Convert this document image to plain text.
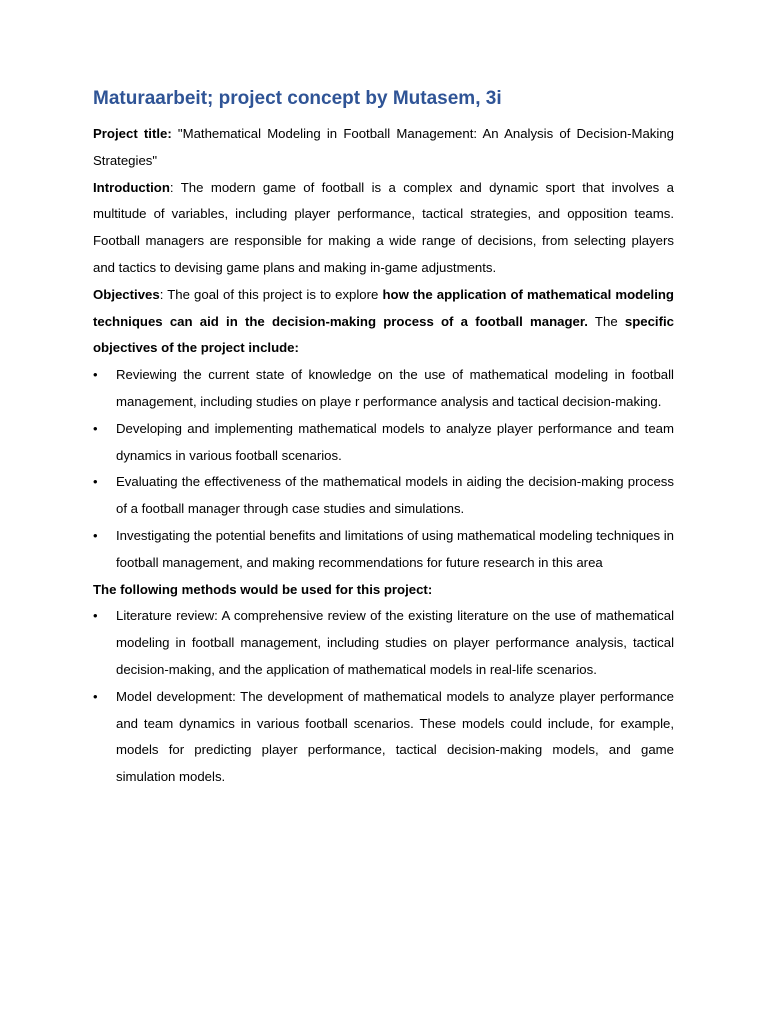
Maturaarbeit; project concept by Mutasem, 3i

Project title: "Mathematical Modeling in Football Management: An Analysis of Decision-Making Strategies"

Introduction: The modern game of football is a complex and dynamic sport that involves a multitude of variables, including player performance, tactical strategies, and opposition teams. Football managers are responsible for making a wide range of decisions, from selecting players and tactics to devising game plans and making in-game adjustments.

Objectives: The goal of this project is to explore how the application of mathematical modeling techniques can aid in the decision-making process of a football manager. The specific objectives of the project include:

• Reviewing the current state of knowledge on the use of mathematical modeling in football management, including studies on playe r performance analysis and tactical decision-making.
• Developing and implementing mathematical models to analyze player performance and team dynamics in various football scenarios.
• Evaluating the effectiveness of the mathematical models in aiding the decision-making process of a football manager through case studies and simulations.
• Investigating the potential benefits and limitations of using mathematical modeling techniques in football management, and making recommendations for future research in this area

The following methods would be used for this project:

• Literature review: A comprehensive review of the existing literature on the use of mathematical modeling in football management, including studies on player performance analysis, tactical decision-making, and the application of mathematical models in real-life scenarios.
• Model development: The development of mathematical models to analyze player performance and team dynamics in various football scenarios. These models could include, for example, models for predicting player performance, tactical decision-making models, and game simulation models.
